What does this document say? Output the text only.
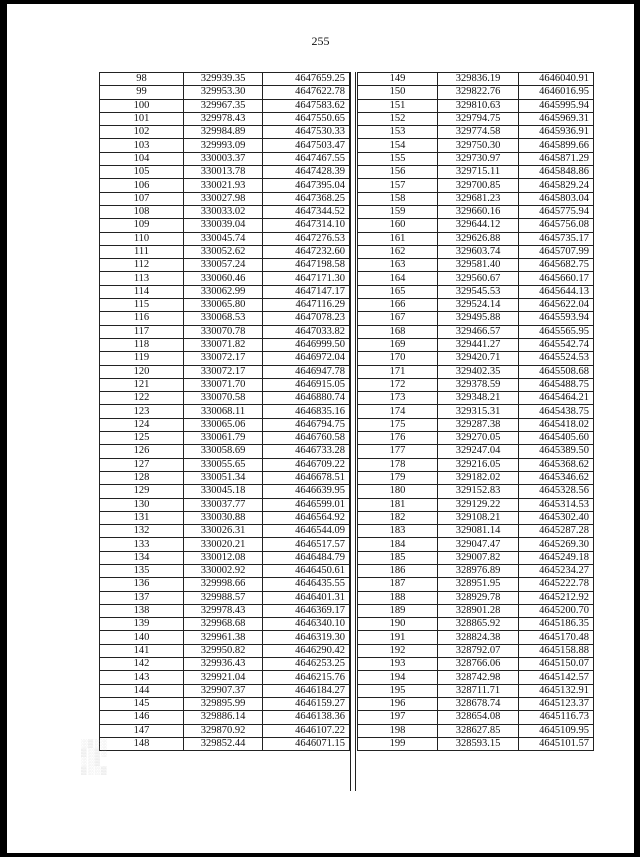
255
98	329939.35	4647659.25
99	329953.30	4647622.78
100	329967.35	4647583.62
101	329978.43	4647550.65
102	329984.89	4647530.33
103	329993.09	4647503.47
104	330003.37	4647467.55
105	330013.78	4647428.39
106	330021.93	4647395.04
107	330027.98	4647368.25
108	330033.02	4647344.52
109	330039.04	4647314.10
110	330045.74	4647276.53
111	330052.62	4647232.60
112	330057.24	4647198.58
113	330060.46	4647171.30
114	330062.99	4647147.17
115	330065.80	4647116.29
116	330068.53	4647078.23
117	330070.78	4647033.82
118	330071.82	4646999.50
119	330072.17	4646972.04
120	330072.17	4646947.78
121	330071.70	4646915.05
122	330070.58	4646880.74
123	330068.11	4646835.16
124	330065.06	4646794.75
125	330061.79	4646760.58
126	330058.69	4646733.28
127	330055.65	4646709.22
128	330051.34	4646678.51
129	330045.18	4646639.95
130	330037.77	4646599.01
131	330030.88	4646564.92
132	330026.31	4646544.09
133	330020.21	4646517.57
134	330012.08	4646484.79
135	330002.92	4646450.61
136	329998.66	4646435.55
137	329988.57	4646401.31
138	329978.43	4646369.17
139	329968.68	4646340.10
140	329961.38	4646319.30
141	329950.82	4646290.42
142	329936.43	4646253.25
143	329921.04	4646215.76
144	329907.37	4646184.27
145	329895.99	4646159.27
146	329886.14	4646138.36
147	329870.92	4646107.22
148	329852.44	4646071.15
149	329836.19	4646040.91
150	329822.76	4646016.95
151	329810.63	4645995.94
152	329794.75	4645969.31
153	329774.58	4645936.91
154	329750.30	4645899.66
155	329730.97	4645871.29
156	329715.11	4645848.86
157	329700.85	4645829.24
158	329681.23	4645803.04
159	329660.16	4645775.94
160	329644.12	4645756.08
161	329626.88	4645735.17
162	329603.74	4645707.99
163	329581.40	4645682.75
164	329560.67	4645660.17
165	329545.53	4645644.13
166	329524.14	4645622.04
167	329495.88	4645593.94
168	329466.57	4645565.95
169	329441.27	4645542.74
170	329420.71	4645524.53
171	329402.35	4645508.68
172	329378.59	4645488.75
173	329348.21	4645464.21
174	329315.31	4645438.75
175	329287.38	4645418.02
176	329270.05	4645405.60
177	329247.04	4645389.50
178	329216.05	4645368.62
179	329182.02	4645346.62
180	329152.83	4645328.56
181	329129.22	4645314.53
182	329108.21	4645302.40
183	329081.14	4645287.28
184	329047.47	4645269.30
185	329007.82	4645249.18
186	328976.89	4645234.27
187	328951.95	4645222.78
188	328929.78	4645212.92
189	328901.28	4645200.70
190	328865.92	4645186.35
191	328824.38	4645170.48
192	328792.07	4645158.88
193	328766.06	4645150.07
194	328742.98	4645142.57
195	328711.71	4645132.91
196	328678.74	4645123.37
197	328654.08	4645116.73
198	328627.85	4645109.95
199	328593.15	4645101.57
░▒░░
▒░▒░
░░▒
▒░░▒
